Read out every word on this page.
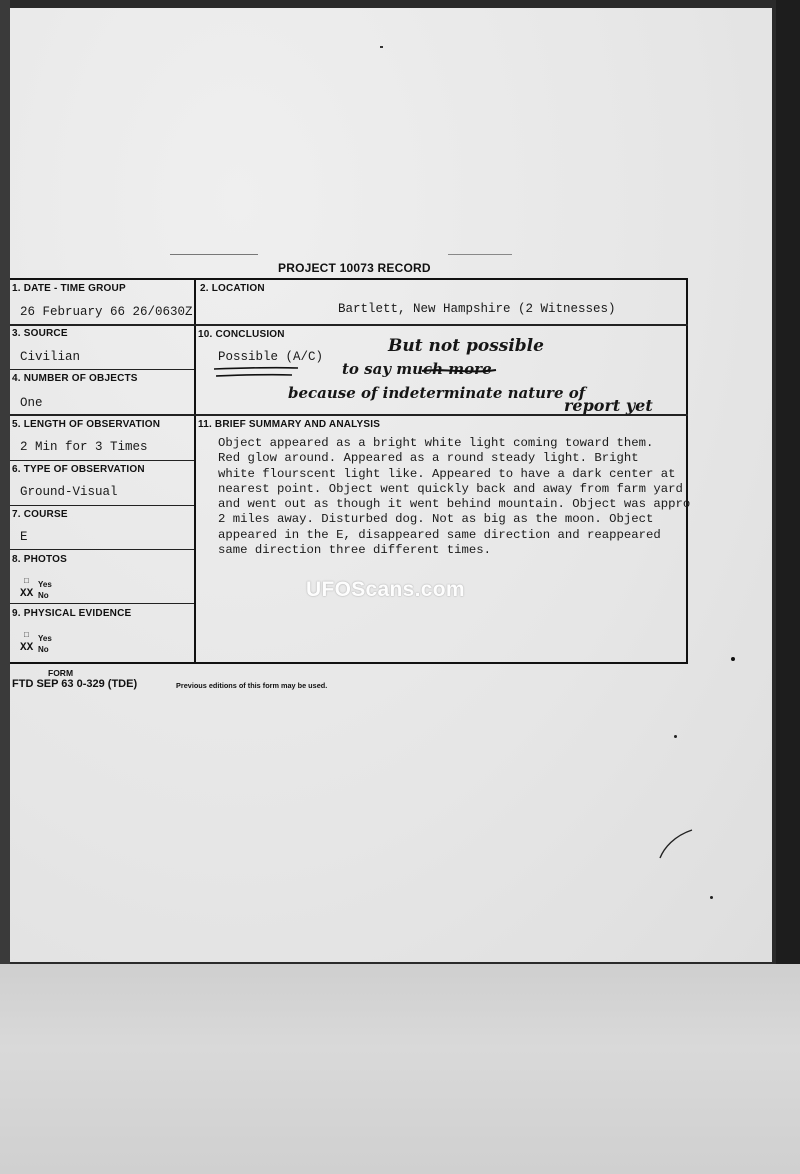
PROJECT 10073 RECORD
1. DATE - TIME GROUP
26 February 66 26/0630Z
2. LOCATION
Bartlett, New Hampshire (2 Witnesses)
3. SOURCE
Civilian
10. CONCLUSION
Possible (A/C)
But not possible
to say much more
because of indeterminate nature of
report yet
4. NUMBER OF OBJECTS
One
5. LENGTH OF OBSERVATION
2 Min for 3 Times
11. BRIEF SUMMARY AND ANALYSIS
Object appeared as a bright white light coming toward them.
Red glow around. Appeared as a round steady light. Bright
white flourscent light like. Appeared to have a dark center at
nearest point. Object went quickly back and away from farm yard
and went out as though it went behind mountain. Object was appro
2 miles away. Disturbed dog. Not as big as the moon. Object
appeared in the E, disappeared same direction and reappeared
same direction three different times.
6. TYPE OF OBSERVATION
Ground-Visual
7. COURSE
E
8. PHOTOS
□ Yes
XX No
9. PHYSICAL EVIDENCE
□ Yes
XX No
UFOScans.com
FORM
FTD SEP 63 0-329 (TDE)	Previous editions of this form may be used.
